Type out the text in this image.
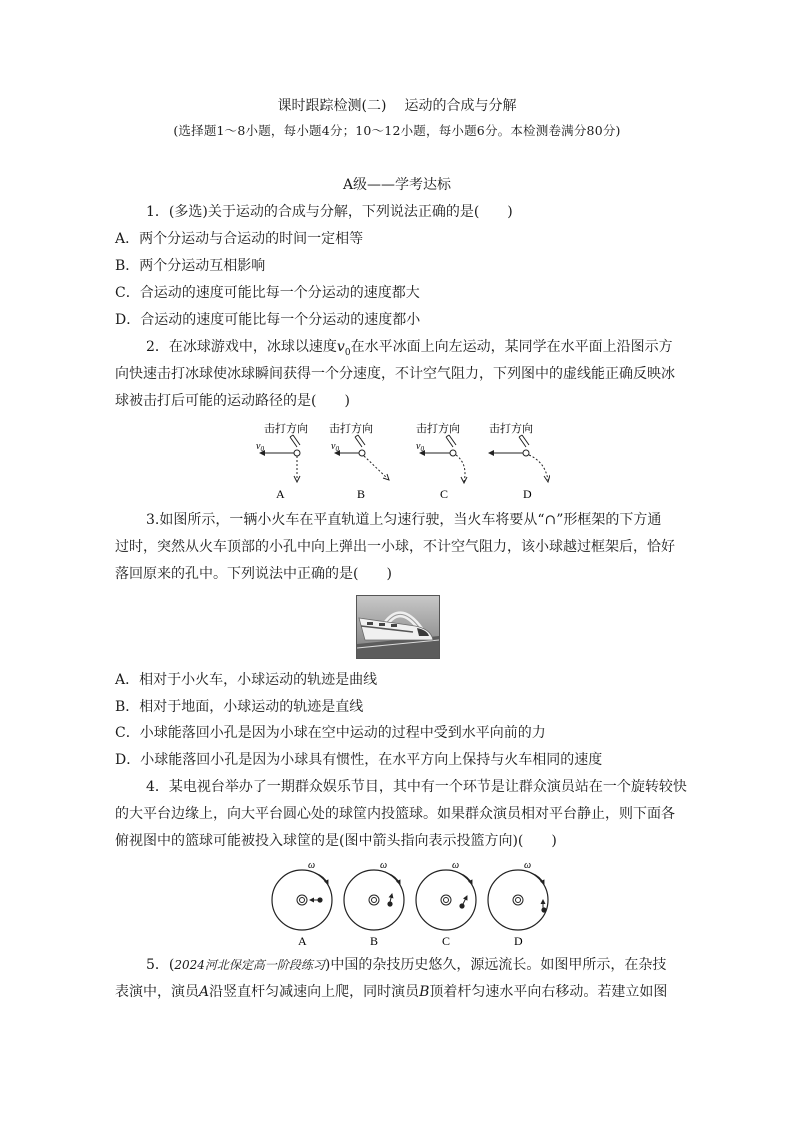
课时跟踪检测(二) 运动的合成与分解
(选择题1～8小题，每小题4分；10～12小题，每小题6分。本检测卷满分80分)
A级——学考达标
1．(多选)关于运动的合成与分解，下列说法正确的是(　　)
A．两个分运动与合运动的时间一定相等
B．两个分运动互相影响
C．合运动的速度可能比每一个分运动的速度都大
D．合运动的速度可能比每一个分运动的速度都小
2．在冰球游戏中，冰球以速度$v_0$在水平冰面上向左运动，某同学在水平面上沿图示方
向快速击打冰球使冰球瞬间获得一个分速度，不计空气阻力，下列图中的虚线能正确反映冰
球被击打后可能的运动路径的是(　　)
击打方向
$v_0$
A
击打方向
$v_0$
B
击打方向
$v_0$
C
击打方向
D
3.如图所示，一辆小火车在平直轨道上匀速行驶，当火车将要从“∩”形框架的下方通
过时，突然从火车顶部的小孔中向上弹出一小球，不计空气阻力，该小球越过框架后，恰好
落回原来的孔中。下列说法中正确的是(　　)
A．相对于小火车，小球运动的轨迹是曲线
B．相对于地面，小球运动的轨迹是直线
C．小球能落回小孔是因为小球在空中运动的过程中受到水平向前的力
D．小球能落回小孔是因为小球具有惯性，在水平方向上保持与火车相同的速度
4．某电视台举办了一期群众娱乐节目，其中有一个环节是让群众演员站在一个旋转较快
的大平台边缘上，向大平台圆心处的球筐内投篮球。如果群众演员相对平台静止，则下面各
俯视图中的篮球可能被投入球筐的是(图中箭头指向表示投篮方向)(　　)
ω
A
ω
B
ω
C
ω
D
5．(2024河北保定高一阶段练习)中国的杂技历史悠久，源远流长。如图甲所示，在杂技
表演中，演员A沿竖直杆匀减速向上爬，同时演员B顶着杆匀速水平向右移动。若建立如图
